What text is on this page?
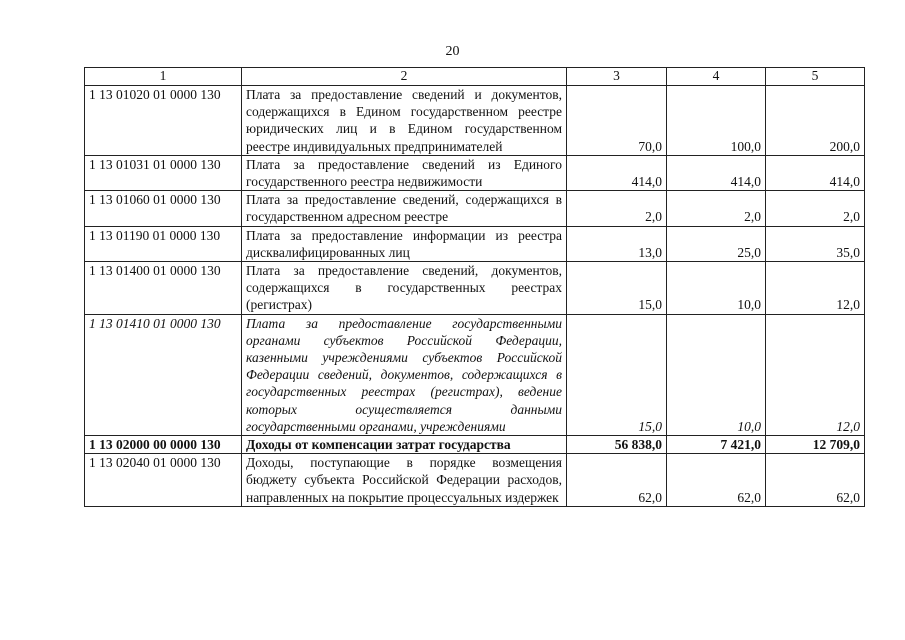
20
1	2	3	4	5
1 13 01020 01 0000 130	Плата за предоставление сведений и документов, содержащихся в Едином государственном реестре юридических лиц и в Едином государственном реестре индивидуальных предпринимателей	70,0	100,0	200,0
1 13 01031 01 0000 130	Плата за предоставление сведений из Единого государственного реестра недвижимости	414,0	414,0	414,0
1 13 01060 01 0000 130	Плата за предоставление сведений, содержащихся в государственном адресном реестре	2,0	2,0	2,0
1 13 01190 01 0000 130	Плата за предоставление информации из реестра дисквалифицированных лиц	13,0	25,0	35,0
1 13 01400 01 0000 130	Плата за предоставление сведений, документов, содержащихся в государственных реестрах (регистрах)	15,0	10,0	12,0
1 13 01410 01 0000 130	Плата за предоставление государственными органами субъектов Российской Федерации, казенными учреждениями субъектов Российской Федерации сведений, документов, содержащихся в государственных реестрах (регистрах), ведение которых осуществляется данными государственными органами, учреждениями	15,0	10,0	12,0
1 13 02000 00 0000 130	Доходы от компенсации затрат государства	56 838,0	7 421,0	12 709,0
1 13 02040 01 0000 130	Доходы, поступающие в порядке возмещения бюджету субъекта Российской Федерации расходов, направленных на покрытие процессуальных издержек	62,0	62,0	62,0
